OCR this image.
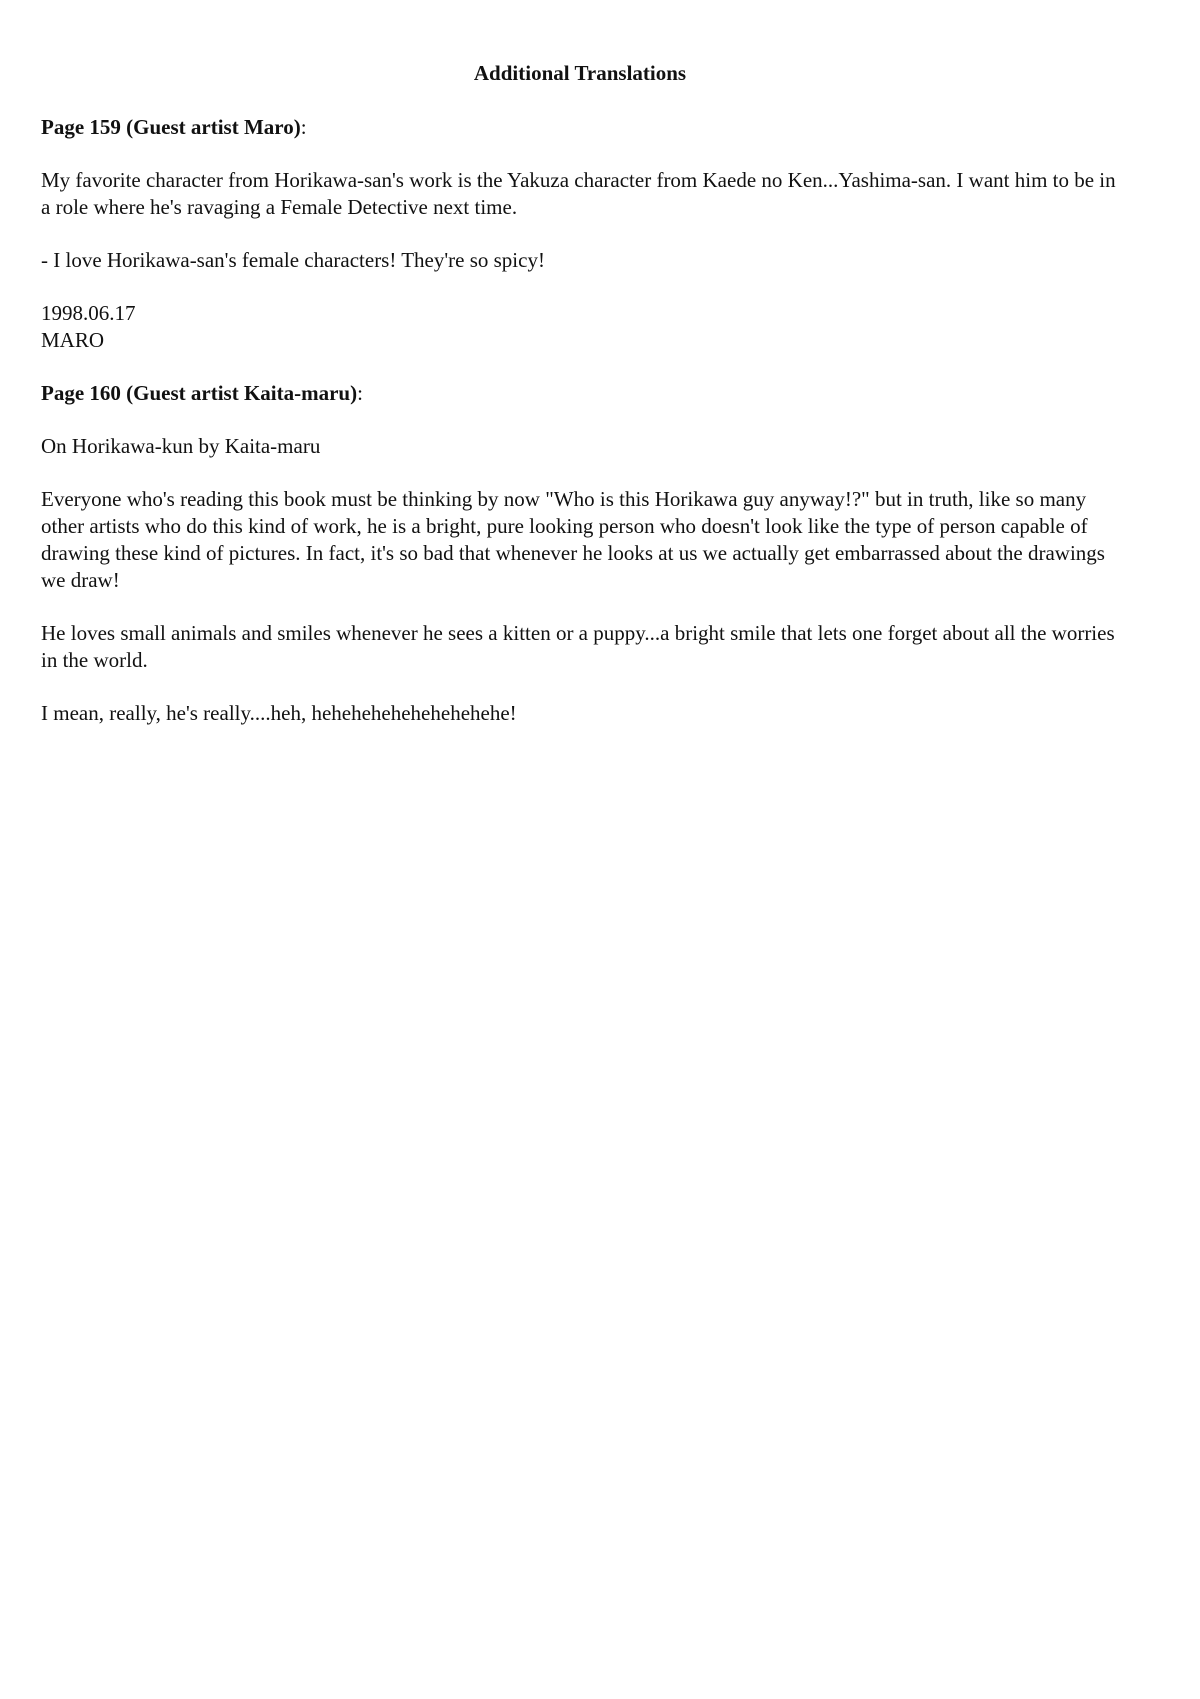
Additional Translations

Page 159 (Guest artist Maro):

My favorite character from Horikawa-san's work is the Yakuza character from Kaede no Ken...Yashima-san. I want him to be in a role where he's ravaging a Female Detective next time.

- I love Horikawa-san's female characters! They're so spicy!

1998.06.17
MARO

Page 160 (Guest artist Kaita-maru):

On Horikawa-kun by Kaita-maru

Everyone who's reading this book must be thinking by now "Who is this Horikawa guy anyway!?" but in truth, like so many other artists who do this kind of work, he is a bright, pure looking person who doesn't look like the type of person capable of drawing these kind of pictures. In fact, it's so bad that whenever he looks at us we actually get embarrassed about the drawings we draw!

He loves small animals and smiles whenever he sees a kitten or a puppy...a bright smile that lets one forget about all the worries in the world.

I mean, really, he's really....heh, hehehehehehehehehehe!
